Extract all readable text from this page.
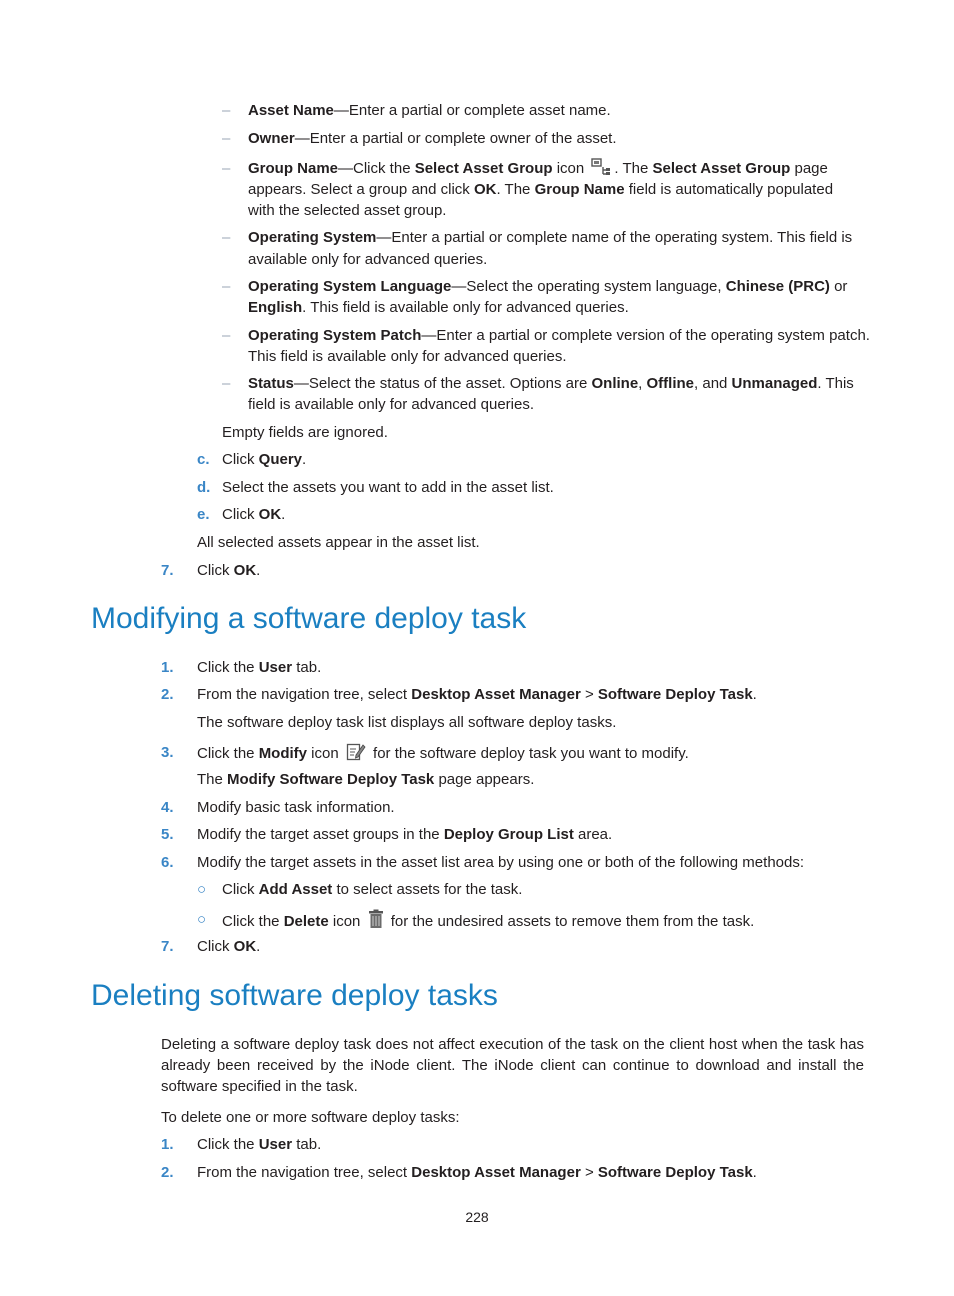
– Asset Name—Enter a partial or complete asset name.
– Owner—Enter a partial or complete owner of the asset.
– Group Name—Click the Select Asset Group icon . The Select Asset Group page
appears. Select a group and click OK. The Group Name field is automatically populated
with the selected asset group.
– Operating System—Enter a partial or complete name of the operating system. This field is
available only for advanced queries.
– Operating System Language—Select the operating system language, Chinese (PRC) or
English. This field is available only for advanced queries.
– Operating System Patch—Enter a partial or complete version of the operating system patch.
This field is available only for advanced queries.
– Status—Select the status of the asset. Options are Online, Offline, and Unmanaged. This
field is available only for advanced queries.
Empty fields are ignored.
c. Click Query.
d. Select the assets you want to add in the asset list.
e. Click OK.
All selected assets appear in the asset list.
7. Click OK.
Modifying a software deploy task
1. Click the User tab.
2. From the navigation tree, select Desktop Asset Manager > Software Deploy Task.
The software deploy task list displays all software deploy tasks.
3. Click the Modify icon  for the software deploy task you want to modify.
The Modify Software Deploy Task page appears.
4. Modify basic task information.
5. Modify the target asset groups in the Deploy Group List area.
6. Modify the target assets in the asset list area by using one or both of the following methods:
○ Click Add Asset to select assets for the task.
○ Click the Delete icon  for the undesired assets to remove them from the task.
7. Click OK.
Deleting software deploy tasks
Deleting a software deploy task does not affect execution of the task on the client host when the task has already been received by the iNode client. The iNode client can continue to download and install the software specified in the task.
To delete one or more software deploy tasks:
1. Click the User tab.
2. From the navigation tree, select Desktop Asset Manager > Software Deploy Task.
228
